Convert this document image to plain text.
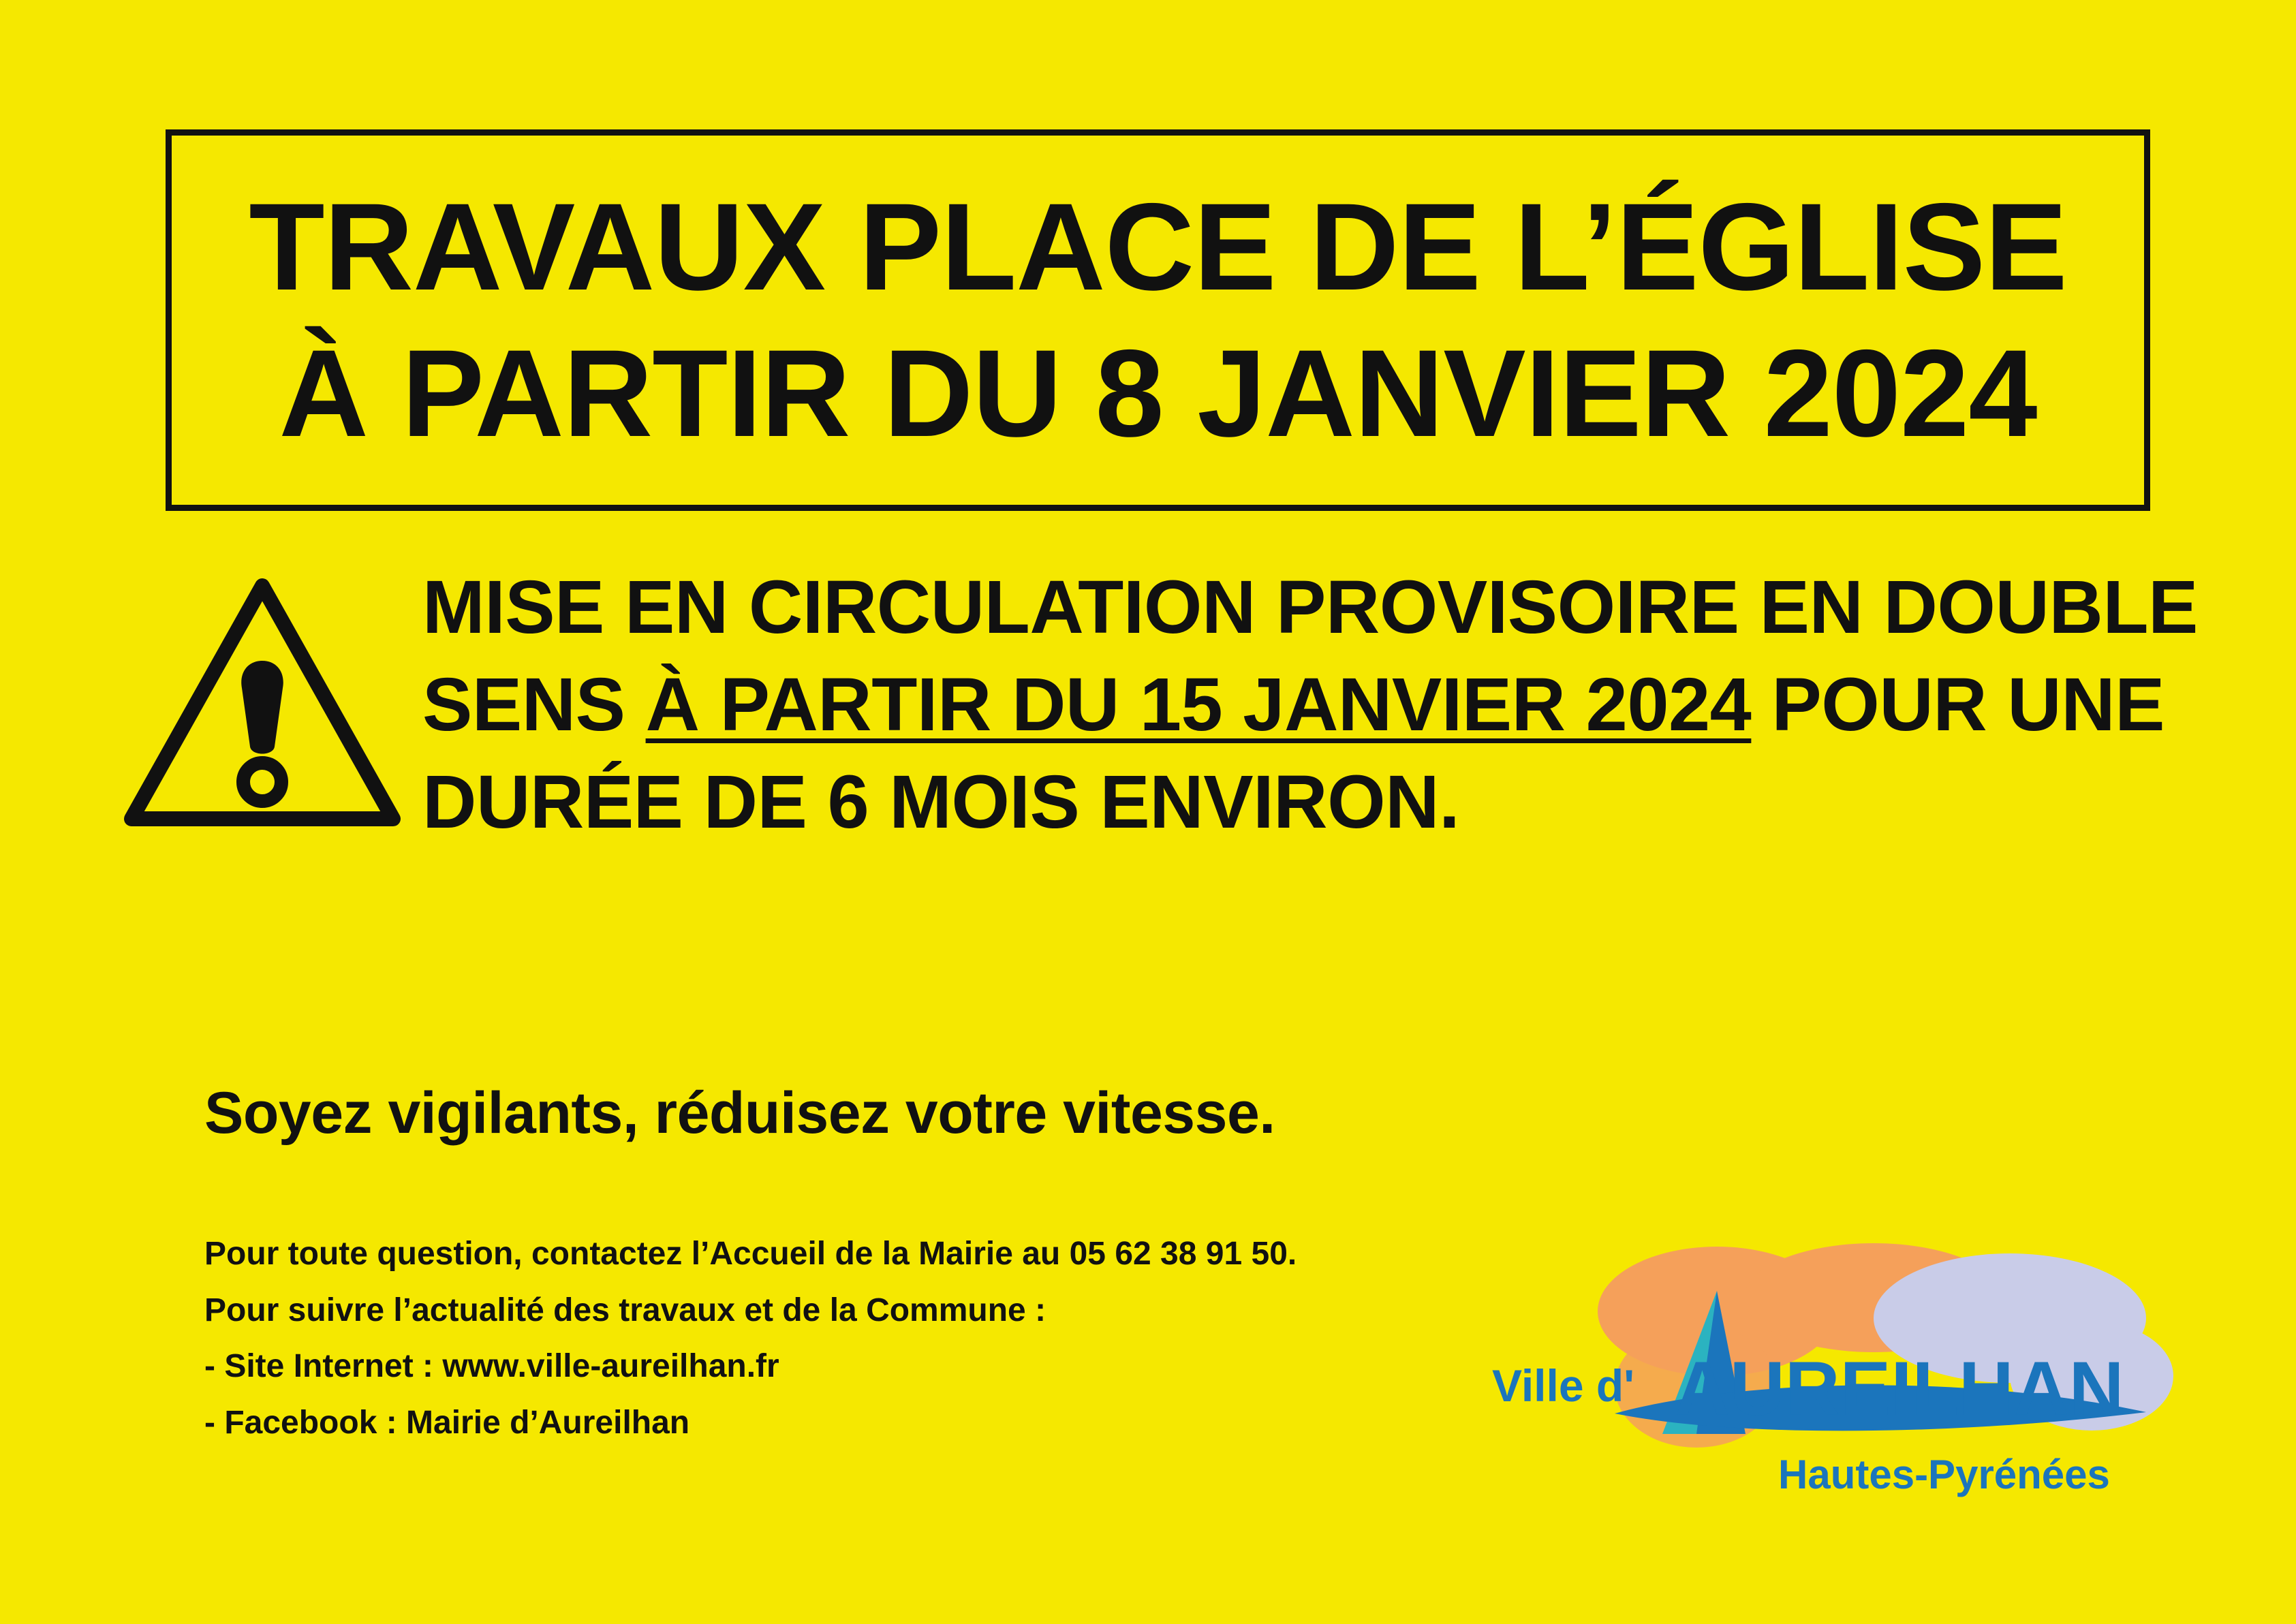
TRAVAUX PLACE DE L’ÉGLISE
À PARTIR DU 8 JANVIER 2024
MISE EN CIRCULATION PROVISOIRE EN DOUBLE SENS À PARTIR DU 15 JANVIER 2024 POUR UNE DURÉE DE 6 MOIS ENVIRON.
Soyez vigilants, réduisez votre vitesse.
Pour toute question, contactez l’Accueil de la Mairie au 05 62 38 91 50.
Pour suivre l’actualité des travaux et de la Commune :
- Site Internet : www.ville-aureilhan.fr
- Facebook : Mairie d’Aureilhan
Ville d' AUREILHAN
Hautes-Pyrénées
